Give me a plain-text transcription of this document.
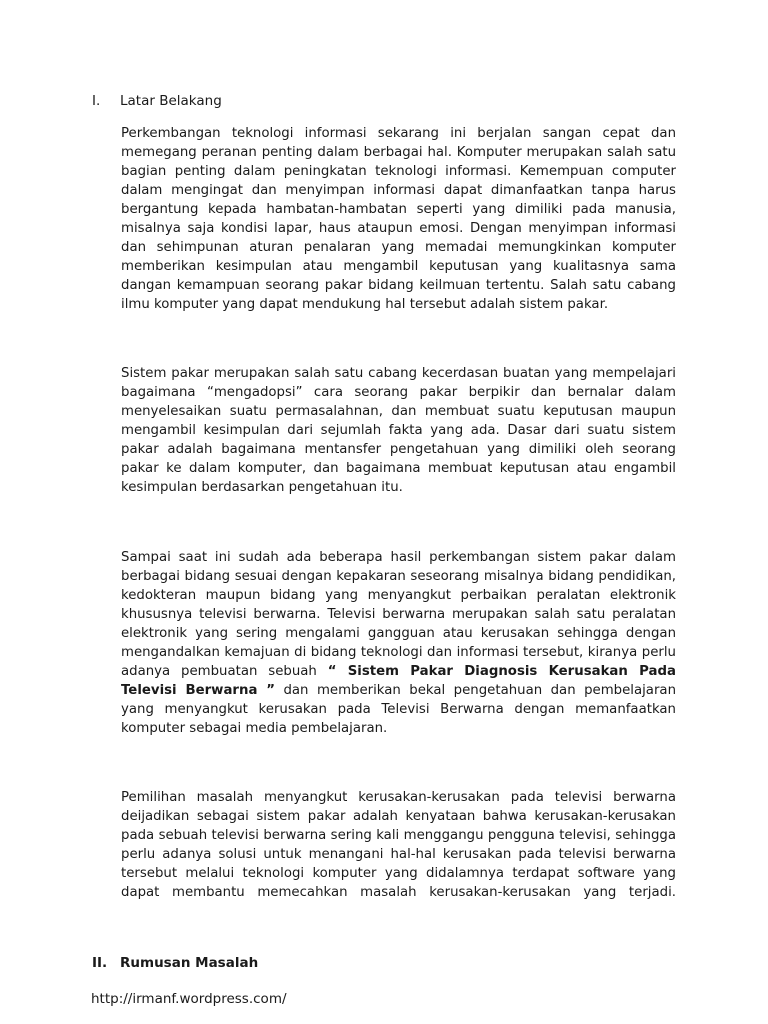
I. Latar Belakang

Perkembangan teknologi informasi sekarang ini berjalan sangan cepat dan memegang peranan penting dalam berbagai hal. Komputer merupakan salah satu bagian penting dalam peningkatan teknologi informasi. Kemempuan computer dalam mengingat dan menyimpan informasi dapat dimanfaatkan tanpa harus bergantung kepada hambatan-hambatan seperti yang dimiliki pada manusia, misalnya saja kondisi lapar, haus ataupun emosi. Dengan menyimpan informasi dan sehimpunan aturan penalaran yang memadai memungkinkan komputer memberikan kesimpulan atau mengambil keputusan yang kualitasnya sama dangan kemampuan seorang pakar bidang keilmuan tertentu. Salah satu cabang ilmu komputer yang dapat mendukung hal tersebut adalah sistem pakar.

Sistem pakar merupakan salah satu cabang kecerdasan buatan yang mempelajari bagaimana “mengadopsi” cara seorang pakar berpikir dan bernalar dalam menyelesaikan suatu permasalahnan, dan membuat suatu keputusan maupun mengambil kesimpulan dari sejumlah fakta yang ada. Dasar dari suatu sistem pakar adalah bagaimana mentansfer pengetahuan yang dimiliki oleh seorang pakar ke dalam komputer, dan bagaimana membuat keputusan atau engambil kesimpulan berdasarkan pengetahuan itu.

Sampai saat ini sudah ada beberapa hasil perkembangan sistem pakar dalam berbagai bidang sesuai dengan kepakaran seseorang misalnya bidang pendidikan, kedokteran maupun bidang yang menyangkut perbaikan peralatan elektronik khususnya televisi berwarna. Televisi berwarna merupakan salah satu peralatan elektronik yang sering mengalami gangguan atau kerusakan sehingga dengan mengandalkan kemajuan di bidang teknologi dan informasi tersebut, kiranya perlu adanya pembuatan sebuah “ Sistem Pakar Diagnosis Kerusakan Pada Televisi Berwarna ” dan memberikan bekal pengetahuan dan pembelajaran yang menyangkut kerusakan pada Televisi Berwarna dengan memanfaatkan komputer sebagai media pembelajaran.

Pemilihan masalah menyangkut kerusakan-kerusakan pada televisi berwarna deijadikan sebagai sistem pakar adalah kenyataan bahwa kerusakan-kerusakan pada sebuah televisi berwarna sering kali menggangu pengguna televisi, sehingga perlu adanya solusi untuk menangani hal-hal kerusakan pada televisi berwarna tersebut melalui teknologi komputer yang didalamnya terdapat software yang dapat membantu memecahkan masalah kerusakan-kerusakan yang terjadi.

II. Rumusan Masalah
http://irmanf.wordpress.com/
